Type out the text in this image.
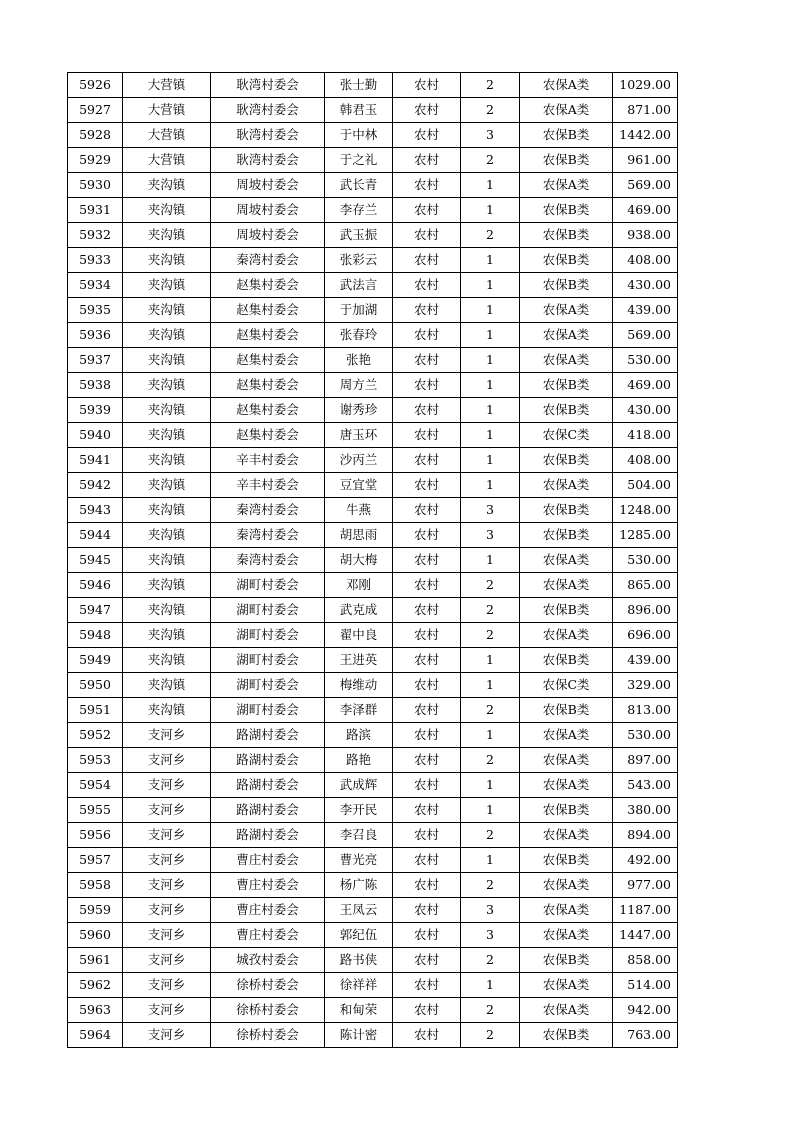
5926	大营镇	耿湾村委会	张士勤	农村	2	农保A类	1029.00
5927	大营镇	耿湾村委会	韩君玉	农村	2	农保A类	871.00
5928	大营镇	耿湾村委会	于中林	农村	3	农保B类	1442.00
5929	大营镇	耿湾村委会	于之礼	农村	2	农保B类	961.00
5930	夹沟镇	周坡村委会	武长青	农村	1	农保A类	569.00
5931	夹沟镇	周坡村委会	李存兰	农村	1	农保B类	469.00
5932	夹沟镇	周坡村委会	武玉振	农村	2	农保B类	938.00
5933	夹沟镇	秦湾村委会	张彩云	农村	1	农保B类	408.00
5934	夹沟镇	赵集村委会	武法言	农村	1	农保B类	430.00
5935	夹沟镇	赵集村委会	于加湖	农村	1	农保A类	439.00
5936	夹沟镇	赵集村委会	张春玲	农村	1	农保A类	569.00
5937	夹沟镇	赵集村委会	张艳	农村	1	农保A类	530.00
5938	夹沟镇	赵集村委会	周方兰	农村	1	农保B类	469.00
5939	夹沟镇	赵集村委会	谢秀珍	农村	1	农保B类	430.00
5940	夹沟镇	赵集村委会	唐玉环	农村	1	农保C类	418.00
5941	夹沟镇	辛丰村委会	沙丙兰	农村	1	农保B类	408.00
5942	夹沟镇	辛丰村委会	豆宜堂	农村	1	农保A类	504.00
5943	夹沟镇	秦湾村委会	牛燕	农村	3	农保B类	1248.00
5944	夹沟镇	秦湾村委会	胡思雨	农村	3	农保B类	1285.00
5945	夹沟镇	秦湾村委会	胡大梅	农村	1	农保A类	530.00
5946	夹沟镇	湖町村委会	邓刚	农村	2	农保A类	865.00
5947	夹沟镇	湖町村委会	武克成	农村	2	农保B类	896.00
5948	夹沟镇	湖町村委会	翟中良	农村	2	农保A类	696.00
5949	夹沟镇	湖町村委会	王进英	农村	1	农保B类	439.00
5950	夹沟镇	湖町村委会	梅维动	农村	1	农保C类	329.00
5951	夹沟镇	湖町村委会	李泽群	农村	2	农保B类	813.00
5952	支河乡	路湖村委会	路滨	农村	1	农保A类	530.00
5953	支河乡	路湖村委会	路艳	农村	2	农保A类	897.00
5954	支河乡	路湖村委会	武成辉	农村	1	农保A类	543.00
5955	支河乡	路湖村委会	李开民	农村	1	农保B类	380.00
5956	支河乡	路湖村委会	李召良	农村	2	农保A类	894.00
5957	支河乡	曹庄村委会	曹光亮	农村	1	农保B类	492.00
5958	支河乡	曹庄村委会	杨广陈	农村	2	农保A类	977.00
5959	支河乡	曹庄村委会	王凤云	农村	3	农保A类	1187.00
5960	支河乡	曹庄村委会	郭纪伍	农村	3	农保A类	1447.00
5961	支河乡	城孜村委会	路书侠	农村	2	农保B类	858.00
5962	支河乡	徐桥村委会	徐祥祥	农村	1	农保A类	514.00
5963	支河乡	徐桥村委会	和甸荣	农村	2	农保A类	942.00
5964	支河乡	徐桥村委会	陈计密	农村	2	农保B类	763.00
